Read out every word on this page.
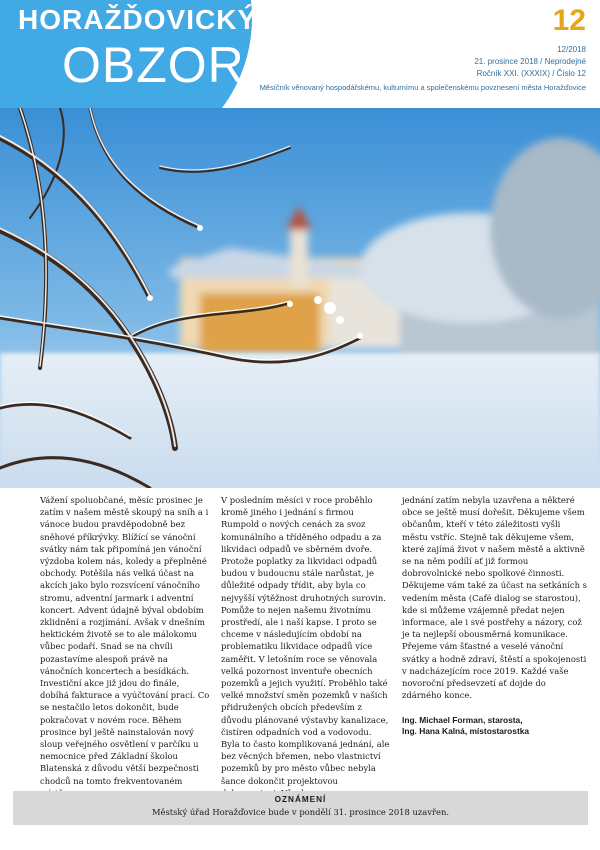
HORAŽĎOVICKÝ
OBZOR
12
12/2018
21. prosince 2018 / Neprodejné
Ročník XXI. (XXXIX) / Číslo 12
Měsíčník věnovaný hospodářskému, kulturnímu a společenskému povznesení města Horažďovice

Vážení spoluobčané, měsíc prosinec je zatím v našem městě skoupý na sníh a i vánoce budou pravděpodobně bez sněhové příkrývky. Blížící se vánoční svátky nám tak připomíná jen vánoční výzdoba kolem nás, koledy a přeplněné obchody. Potěšila nás velká účast na akcích jako bylo rozsvícení vánočního stromu, adventní jarmark i adventní koncert. Advent údajně býval obdobím zklidnění a rozjímání. Avšak v dnešním hektickém životě se to ale málokomu vůbec podaří. Snad se na chvíli pozastavíme alespoň právě na vánočních koncertech a besídkách. Investiční akce již jdou do finále, dobíhá fakturace a vyúčtování prací. Co se nestačilo letos dokončit, bude pokračovat v novém roce. Během prosince byl ještě nainstalován nový sloup veřejného osvětlení v parčíku u nemocnice před Základní školou Blatenská z důvodu větší bezpečnosti chodců na tomto frekventovaném

V posledním měsíci v roce proběhlo kromě jiného i jednání s firmou Rumpold o nových cenách za svoz komunálního a tříděného odpadu a za likvidaci odpadů ve sběrném dvoře. Protože poplatky za likvidaci odpadů budou v budoucnu stále narůstat, je důležité odpady třídit, aby byla co nejvyšší výtěžnost druhotných surovin. Pomůže to nejen našemu životnímu prostředí, ale i naší kapse. I proto se chceme v následujícím období na problematiku likvidace odpadů více zaměřit. V letošním roce se věnovala velká pozornost inventuře obecních pozemků a jejich využití. Proběhlo také velké množství směn pozemků v našich přidružených obcích především z důvodu plánované výstavby kanalizace, čistíren odpadních vod a vodovodu. Byla to často komplikovaná jednání, ale bez věcných břemen, nebo vlastnictví pozemků by pro město vůbec nebyla šance dokončit projektovou

jednání zatím nebyla uzavřena a některé obce se ještě musí dořešit. Děkujeme všem občanům, kteří v této záležitosti vyšli městu vstříc. Stejně tak děkujeme všem, které zajímá život v našem městě a aktivně se na něm podílí ať již formou dobrovolnické nebo spolkové činnosti. Děkujeme vám také za účast na setkáních s vedením města (Café dialog se starostou), kde si můžeme vzájemně předat nejen informace, ale i své postřehy a názory, což je ta nejlepší obousměrná komunikace. Přejeme vám šťastné a veselé vánoční svátky a hodně zdraví, štěstí a spokojenosti v nadcházejícím roce 2019. Každé vaše novoroční předsevzetí ať dojde do zdárného konce.

Ing. Michael Forman, starosta,
Ing. Hana Kalná, místostarostka
OZNÁMENÍ
Městský úřad Horažďovice bude v pondělí 31. prosince 2018 uzavřen.
